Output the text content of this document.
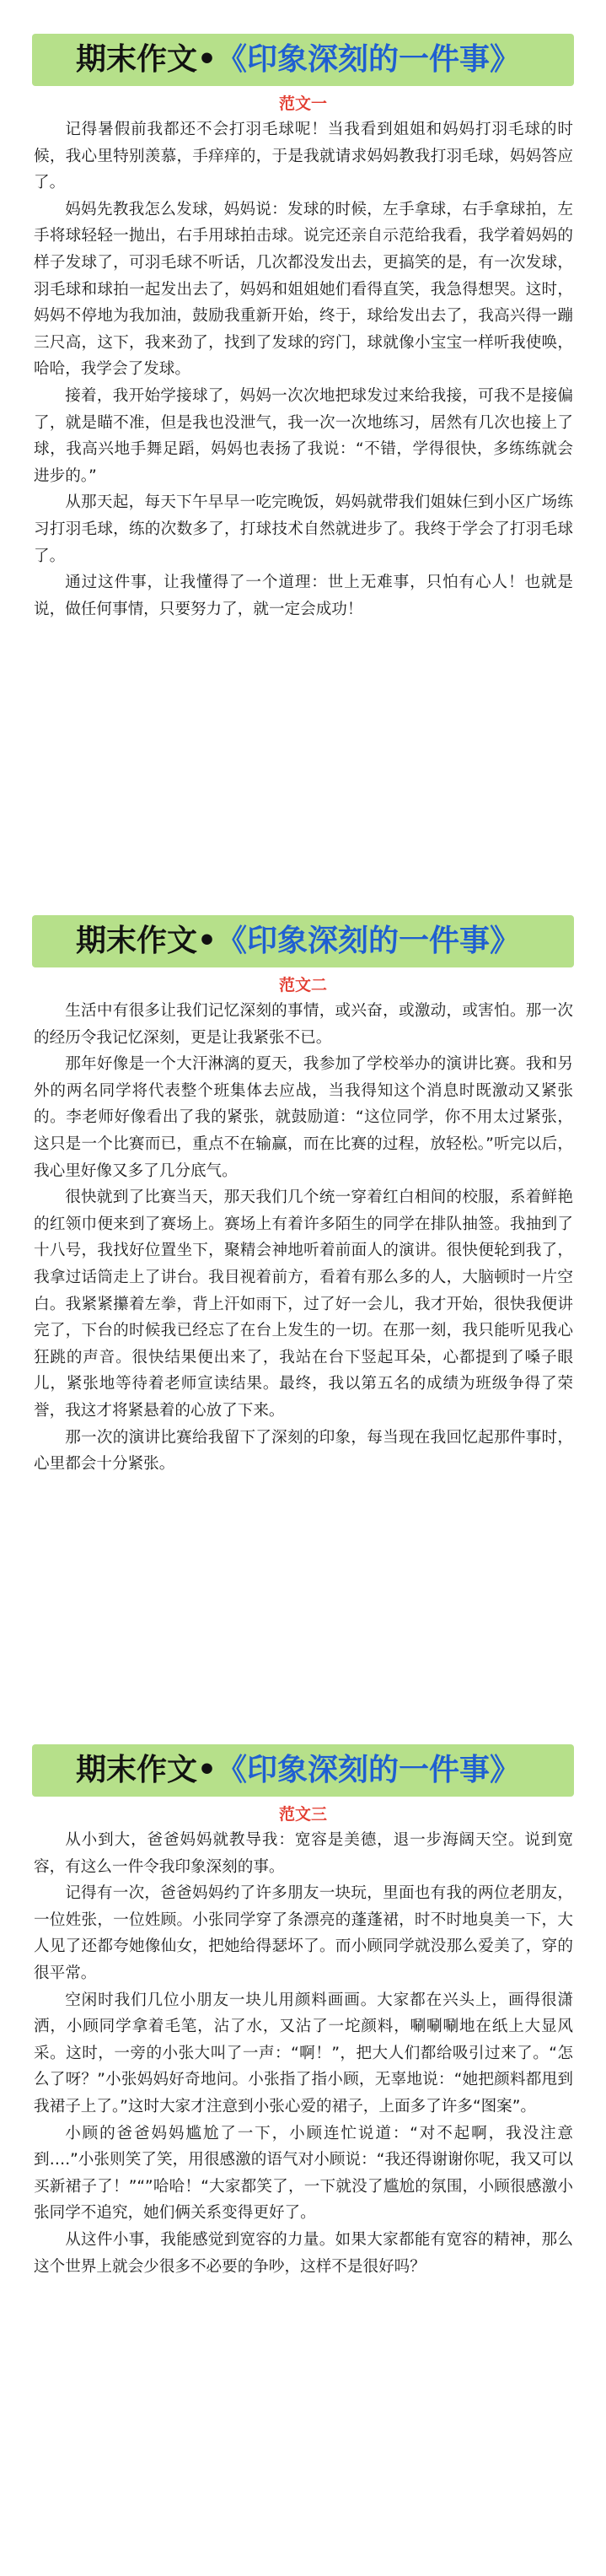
期末作文•《印象深刻的一件事》
范文一

记得暑假前我都还不会打羽毛球呢！当我看到姐姐和妈妈打羽毛球的时候，我心里特别羡慕，手痒痒的，于是我就请求妈妈教我打羽毛球，妈妈答应了。

妈妈先教我怎么发球，妈妈说：发球的时候，左手拿球，右手拿球拍，左手将球轻轻一抛出，右手用球拍击球。说完还亲自示范给我看，我学着妈妈的样子发球了，可羽毛球不听话，几次都没发出去，更搞笑的是，有一次发球，羽毛球和球拍一起发出去了，妈妈和姐姐她们看得直笑，我急得想哭。这时，妈妈不停地为我加油，鼓励我重新开始，终于，球给发出去了，我高兴得一蹦三尺高，这下，我来劲了，找到了发球的窍门，球就像小宝宝一样听我使唤，哈哈，我学会了发球。

接着，我开始学接球了，妈妈一次次地把球发过来给我接，可我不是接偏了，就是瞄不准，但是我也没泄气，我一次一次地练习，居然有几次也接上了球，我高兴地手舞足蹈，妈妈也表扬了我说：“不错，学得很快，多练练就会进步的。”

从那天起，每天下午早早一吃完晚饭，妈妈就带我们姐妹仨到小区广场练习打羽毛球，练的次数多了，打球技术自然就进步了。我终于学会了打羽毛球了。

通过这件事，让我懂得了一个道理：世上无难事，只怕有心人！也就是说，做任何事情，只要努力了，就一定会成功！

期末作文•《印象深刻的一件事》
范文二

生活中有很多让我们记忆深刻的事情，或兴奋，或激动，或害怕。那一次的经历令我记忆深刻，更是让我紧张不已。

那年好像是一个大汗淋漓的夏天，我参加了学校举办的演讲比赛。我和另外的两名同学将代表整个班集体去应战，当我得知这个消息时既激动又紧张的。李老师好像看出了我的紧张，就鼓励道：“这位同学，你不用太过紧张，这只是一个比赛而已，重点不在输赢，而在比赛的过程，放轻松。”听完以后，我心里好像又多了几分底气。

很快就到了比赛当天，那天我们几个统一穿着红白相间的校服，系着鲜艳的红领巾便来到了赛场上。赛场上有着许多陌生的同学在排队抽签。我抽到了十八号，我找好位置坐下，聚精会神地听着前面人的演讲。很快便轮到我了，我拿过话筒走上了讲台。我目视着前方，看着有那么多的人，大脑顿时一片空白。我紧紧攥着左拳，背上汗如雨下，过了好一会儿，我才开始，很快我便讲完了，下台的时候我已经忘了在台上发生的一切。在那一刻，我只能听见我心狂跳的声音。很快结果便出来了，我站在台下竖起耳朵，心都提到了嗓子眼儿，紧张地等待着老师宣读结果。最终，我以第五名的成绩为班级争得了荣誉，我这才将紧悬着的心放了下来。

那一次的演讲比赛给我留下了深刻的印象，每当现在我回忆起那件事时，心里都会十分紧张。

期末作文•《印象深刻的一件事》
范文三

从小到大，爸爸妈妈就教导我：宽容是美德，退一步海阔天空。说到宽容，有这么一件令我印象深刻的事。

记得有一次，爸爸妈妈约了许多朋友一块玩，里面也有我的两位老朋友，一位姓张，一位姓顾。小张同学穿了条漂亮的蓬蓬裙，时不时地臭美一下，大人见了还都夸她像仙女，把她给得瑟坏了。而小顾同学就没那么爱美了，穿的很平常。

空闲时我们几位小朋友一块儿用颜料画画。大家都在兴头上，画得很潇洒，小顾同学拿着毛笔，沾了水，又沾了一坨颜料，唰唰唰地在纸上大显风采。这时，一旁的小张大叫了一声：“啊！”，把大人们都给吸引过来了。“怎么了呀？”小张妈妈好奇地问。小张指了指小顾，无辜地说：“她把颜料都甩到我裙子上了。”这时大家才注意到小张心爱的裙子，上面多了许多“图案”。

小顾的爸爸妈妈尴尬了一下，小顾连忙说道：“对不起啊，我没注意到….”小张则笑了笑，用很感激的语气对小顾说：“我还得谢谢你呢，我又可以买新裙子了！”“”哈哈！“大家都笑了，一下就没了尴尬的氛围，小顾很感激小张同学不追究，她们俩关系变得更好了。

从这件小事，我能感觉到宽容的力量。如果大家都能有宽容的精神，那么这个世界上就会少很多不必要的争吵，这样不是很好吗？
